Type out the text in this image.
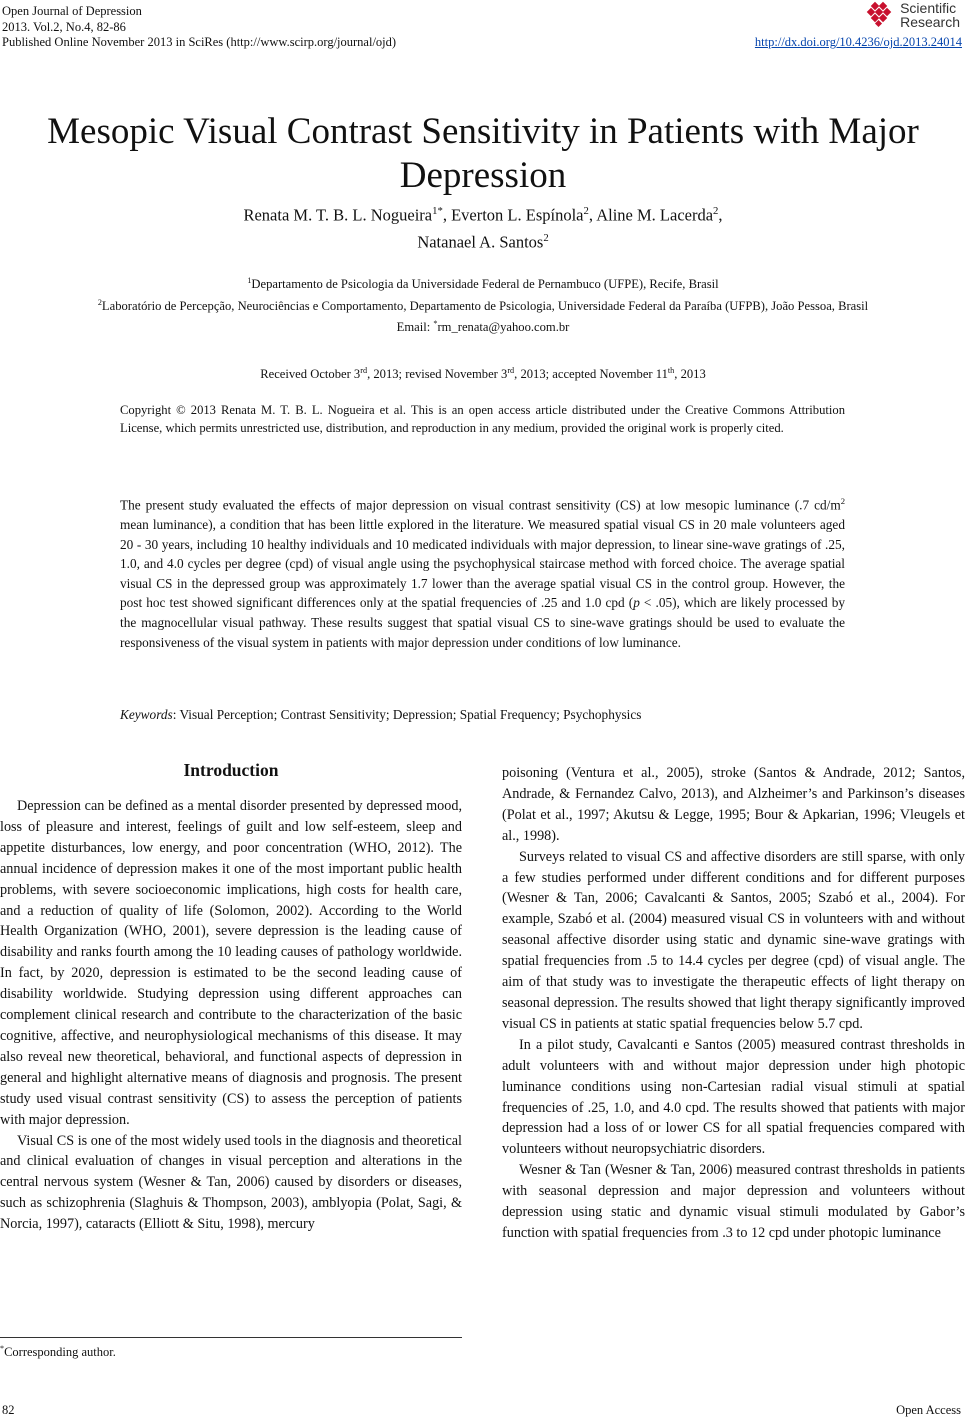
Open Journal of Depression
2013. Vol.2, No.4, 82-86
Published Online November 2013 in SciRes (http://www.scirp.org/journal/ojd)	http://dx.doi.org/10.4236/ojd.2013.24014
Scientific
Research
Mesopic Visual Contrast Sensitivity in Patients with Major Depression
Renata M. T. B. L. Nogueira$^{1*}$, Everton L. Espínola$^2$, Aline M. Lacerda$^2$,
Natanael A. Santos$^2$
$^1$Departamento de Psicologia da Universidade Federal de Pernambuco (UFPE), Recife, Brasil
$^2$Laboratório de Percepção, Neurociências e Comportamento, Departamento de Psicologia, Universidade Federal da Paraíba (UFPB), João Pessoa, Brasil
Email: *rm_renata@yahoo.com.br
Received October 3rd, 2013; revised November 3rd, 2013; accepted November 11th, 2013
Copyright © 2013 Renata M. T. B. L. Nogueira et al. This is an open access article distributed under the Creative Commons Attribution License, which permits unrestricted use, distribution, and reproduction in any medium, provided the original work is properly cited.
The present study evaluated the effects of major depression on visual contrast sensitivity (CS) at low mesopic luminance (.7 $cd/m^2$ mean luminance), a condition that has been little explored in the literature. We measured spatial visual CS in 20 male volunteers aged 20 - 30 years, including 10 healthy individuals and 10 medicated individuals with major depression, to linear sine-wave gratings of .25, 1.0, and 4.0 cycles per degree (cpd) of visual angle using the psychophysical staircase method with forced choice. The average spatial visual CS in the depressed group was approximately 1.7 lower than the average spatial visual CS in the control group. However, the post hoc test showed significant differences only at the spatial frequencies of .25 and 1.0 cpd (p < .05), which are likely processed by the magnocellular visual pathway. These results suggest that spatial visual CS to sine-wave gratings should be used to evaluate the responsiveness of the visual system in patients with major depression under conditions of low luminance.
Keywords: Visual Perception; Contrast Sensitivity; Depression; Spatial Frequency; Psychophysics
Introduction

Depression can be defined as a mental disorder presented by depressed mood, loss of pleasure and interest, feelings of guilt and low self-esteem, sleep and appetite disturbances, low energy, and poor concentration (WHO, 2012). The annual incidence of depression makes it one of the most important public health problems, with severe socioeconomic implications, high costs for health care, and a reduction of quality of life (Solomon, 2002). According to the World Health Organization (WHO, 2001), severe depression is the leading cause of disability and ranks fourth among the 10 leading causes of pathology worldwide. In fact, by 2020, depression is estimated to be the second leading cause of disability worldwide. Studying depression using different approaches can complement clinical research and contribute to the characterization of the basic cognitive, affective, and neurophysiological mechanisms of this disease. It may also reveal new theoretical, behavioral, and functional aspects of depression in general and highlight alternative means of diagnosis and prognosis. The present study used visual contrast sensitivity (CS) to assess the perception of patients with major depression.

Visual CS is one of the most widely used tools in the diagnosis and theoretical and clinical evaluation of changes in visual perception and alterations in the central nervous system (Wesner & Tan, 2006) caused by disorders or diseases, such as schizophrenia (Slaghuis & Thompson, 2003), amblyopia (Polat, Sagi, & Norcia, 1997), cataracts (Elliott & Situ, 1998), mercury

poisoning (Ventura et al., 2005), stroke (Santos & Andrade, 2012; Santos, Andrade, & Fernandez Calvo, 2013), and Alzheimer’s and Parkinson’s diseases (Polat et al., 1997; Akutsu & Legge, 1995; Bour & Apkarian, 1996; Vleugels et al., 1998).

Surveys related to visual CS and affective disorders are still sparse, with only a few studies performed under different conditions and for different purposes (Wesner & Tan, 2006; Cavalcanti & Santos, 2005; Szabó et al., 2004). For example, Szabó et al. (2004) measured visual CS in volunteers with and without seasonal affective disorder using static and dynamic sine-wave gratings with spatial frequencies from .5 to 14.4 cycles per degree (cpd) of visual angle. The aim of that study was to investigate the therapeutic effects of light therapy on seasonal depression. The results showed that light therapy significantly improved visual CS in patients at static spatial frequencies below 5.7 cpd.

In a pilot study, Cavalcanti e Santos (2005) measured contrast thresholds in adult volunteers with and without major depression under high photopic luminance conditions using non-Cartesian radial visual stimuli at spatial frequencies of .25, 1.0, and 4.0 cpd. The results showed that patients with major depression had a loss of or lower CS for all spatial frequencies compared with volunteers without neuropsychiatric disorders.

Wesner & Tan (Wesner & Tan, 2006) measured contrast thresholds in patients with seasonal depression and major depression and volunteers without depression using static and dynamic visual stimuli modulated by Gabor’s function with spatial frequencies from .3 to 12 cpd under photopic luminance

*Corresponding author.
82	Open Access
